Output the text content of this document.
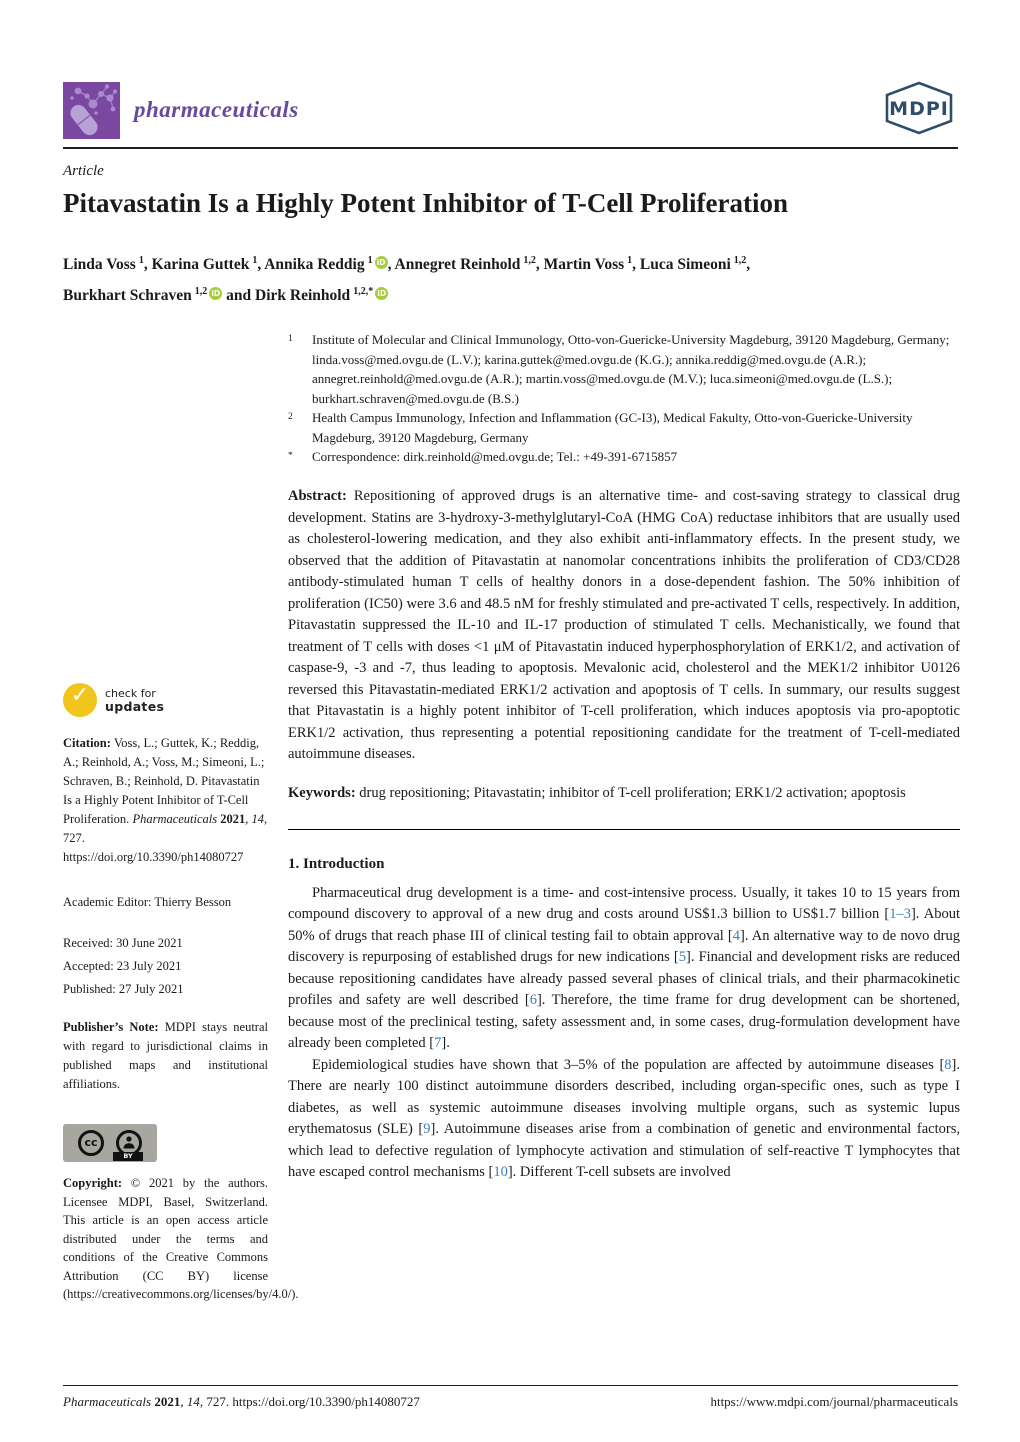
pharmaceuticals	MDPI
Article
Pitavastatin Is a Highly Potent Inhibitor of T-Cell Proliferation
Linda Voss $^1$, Karina Guttek $^1$, Annika Reddig $^1$ iD , Annegret Reinhold $^{1,2}$, Martin Voss $^1$, Luca Simeoni $^{1,2}$,
Burkhart Schraven $^{1,2}$ iD and Dirk Reinhold $^{1,2,*}$ iD
$^1$	Institute of Molecular and Clinical Immunology, Otto-von-Guericke-University Magdeburg, 39120 Magdeburg, Germany; linda.voss@med.ovgu.de (L.V.); karina.guttek@med.ovgu.de (K.G.); annika.reddig@med.ovgu.de (A.R.); annegret.reinhold@med.ovgu.de (A.R.); martin.voss@med.ovgu.de (M.V.); luca.simeoni@med.ovgu.de (L.S.); burkhart.schraven@med.ovgu.de (B.S.)
$^2$	Health Campus Immunology, Infection and Inflammation (GC-I3), Medical Fakulty, Otto-von-Guericke-University Magdeburg, 39120 Magdeburg, Germany
*	Correspondence: dirk.reinhold@med.ovgu.de; Tel.: +49-391-6715857

Abstract: Repositioning of approved drugs is an alternative time- and cost-saving strategy to classical drug development. Statins are 3-hydroxy-3-methylglutaryl-CoA (HMG CoA) reductase inhibitors that are usually used as cholesterol-lowering medication, and they also exhibit anti-inflammatory effects. In the present study, we observed that the addition of Pitavastatin at nanomolar concentrations inhibits the proliferation of CD3/CD28 antibody-stimulated human T cells of healthy donors in a dose-dependent fashion. The 50% inhibition of proliferation (IC50) were 3.6 and 48.5 nM for freshly stimulated and pre-activated T cells, respectively. In addition, Pitavastatin suppressed the IL-10 and IL-17 production of stimulated T cells. Mechanistically, we found that treatment of T cells with doses <1 μM of Pitavastatin induced hyperphosphorylation of ERK1/2, and activation of caspase-9, -3 and -7, thus leading to apoptosis. Mevalonic acid, cholesterol and the MEK1/2 inhibitor U0126 reversed this Pitavastatin-mediated ERK1/2 activation and apoptosis of T cells. In summary, our results suggest that Pitavastatin is a highly potent inhibitor of T-cell proliferation, which induces apoptosis via pro-apoptotic ERK1/2 activation, thus representing a potential repositioning candidate for the treatment of T-cell-mediated autoimmune diseases.

Keywords: drug repositioning; Pitavastatin; inhibitor of T-cell proliferation; ERK1/2 activation; apoptosis

1. Introduction

Pharmaceutical drug development is a time- and cost-intensive process. Usually, it takes 10 to 15 years from compound discovery to approval of a new drug and costs around US$1.3 billion to US$1.7 billion [1–3]. About 50% of drugs that reach phase III of clinical testing fail to obtain approval [4]. An alternative way to de novo drug discovery is repurposing of established drugs for new indications [5]. Financial and development risks are reduced because repositioning candidates have already passed several phases of clinical trials, and their pharmacokinetic profiles and safety are well described [6]. Therefore, the time frame for drug development can be shortened, because most of the preclinical testing, safety assessment and, in some cases, drug-formulation development have already been completed [7].

Epidemiological studies have shown that 3–5% of the population are affected by autoimmune diseases [8]. There are nearly 100 distinct autoimmune disorders described, including organ-specific ones, such as type I diabetes, as well as systemic autoimmune diseases involving multiple organs, such as systemic lupus erythematosus (SLE) [9]. Autoimmune diseases arise from a combination of genetic and environmental factors, which lead to defective regulation of lymphocyte activation and stimulation of self-reactive T lymphocytes that have escaped control mechanisms [10]. Different T-cell subsets are involved

✓	check for
updates
Citation: Voss, L.; Guttek, K.; Reddig, A.; Reinhold, A.; Voss, M.; Simeoni, L.; Schraven, B.; Reinhold, D. Pitavastatin Is a Highly Potent Inhibitor of T-Cell Proliferation. Pharmaceuticals 2021, 14, 727. https://doi.org/10.3390/ph14080727
Academic Editor: Thierry Besson
Received: 30 June 2021
Accepted: 23 July 2021
Published: 27 July 2021
Publisher’s Note: MDPI stays neutral with regard to jurisdictional claims in published maps and institutional affiliations.
cc
BY
Copyright: © 2021 by the authors. Licensee MDPI, Basel, Switzerland. This article is an open access article distributed under the terms and conditions of the Creative Commons Attribution (CC BY) license (https://creativecommons.org/licenses/by/4.0/).
Pharmaceuticals 2021, 14, 727. https://doi.org/10.3390/ph14080727	https://www.mdpi.com/journal/pharmaceuticals
